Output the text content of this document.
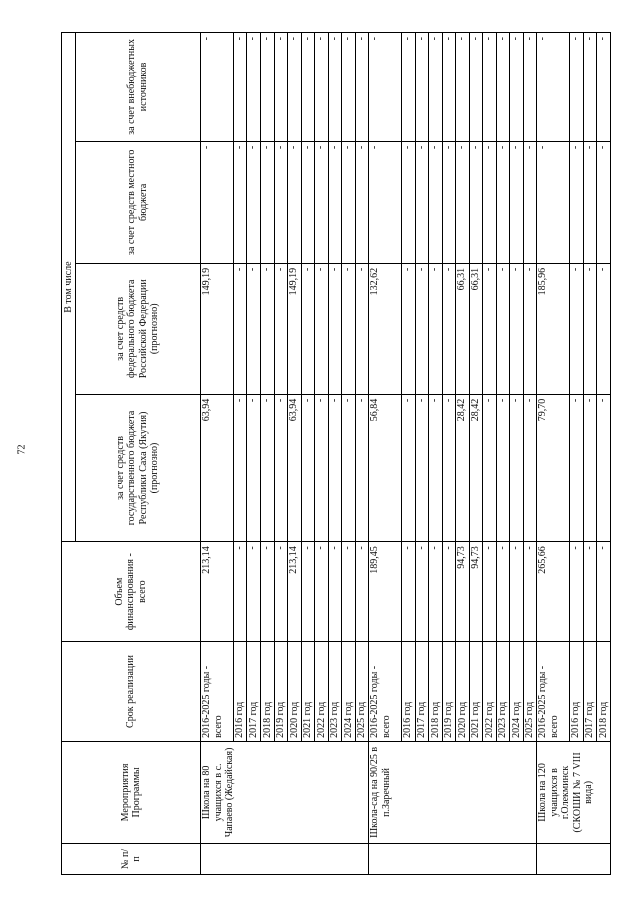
72
№ п/п	Мероприятия Программы	Срок реализации	Объем финансирования - всего	В том числе			
				за счет средств государственного бюджета Республики Саха (Якутия) (прогнозно)	за счет средств федерального бюджета Российской Федерации (прогнозно)	за счет средств местного бюджета	за счет внебюджетных источников
	Школа на 80 учащихся в с. Чапаево (Жедайская)	2016-2025 годы - всего	213,14	63,94	149,19	-	-
		2016 год	-	-	-	-	-
		2017 год	-	-	-	-	-
		2018 год	-	-	-	-	-
		2019 год	-	-	-	-	-
		2020 год	213,14	63,94	149,19	-	-
		2021 год	-	-	-	-	-
		2022 год	-	-	-	-	-
		2023 год	-	-	-	-	-
		2024 год	-	-	-	-	-
		2025 год	-	-	-	-	-
	Школа-сад на 90/25 в п.Заречный	2016-2025 годы - всего	189,45	56,84	132,62	-	-
		2016 год	-	-	-	-	-
		2017 год	-	-	-	-	-
		2018 год	-	-	-	-	-
		2019 год	-	-	-	-	-
		2020 год	94,73	28,42	66,31	-	-
		2021 год	94,73	28,42	66,31	-	-
		2022 год	-	-	-	-	-
		2023 год	-	-	-	-	-
		2024 год	-	-	-	-	-
		2025 год	-	-	-	-	-
	Школа на 120 учащихся в г.Олекминск (СКОШИ № 7 VIII вида)	2016-2025 годы - всего	265,66	79,70	185,96	-	-
		2016 год	-	-	-	-	-
		2017 год	-	-	-	-	-
		2018 год	-	-	-	-	-
